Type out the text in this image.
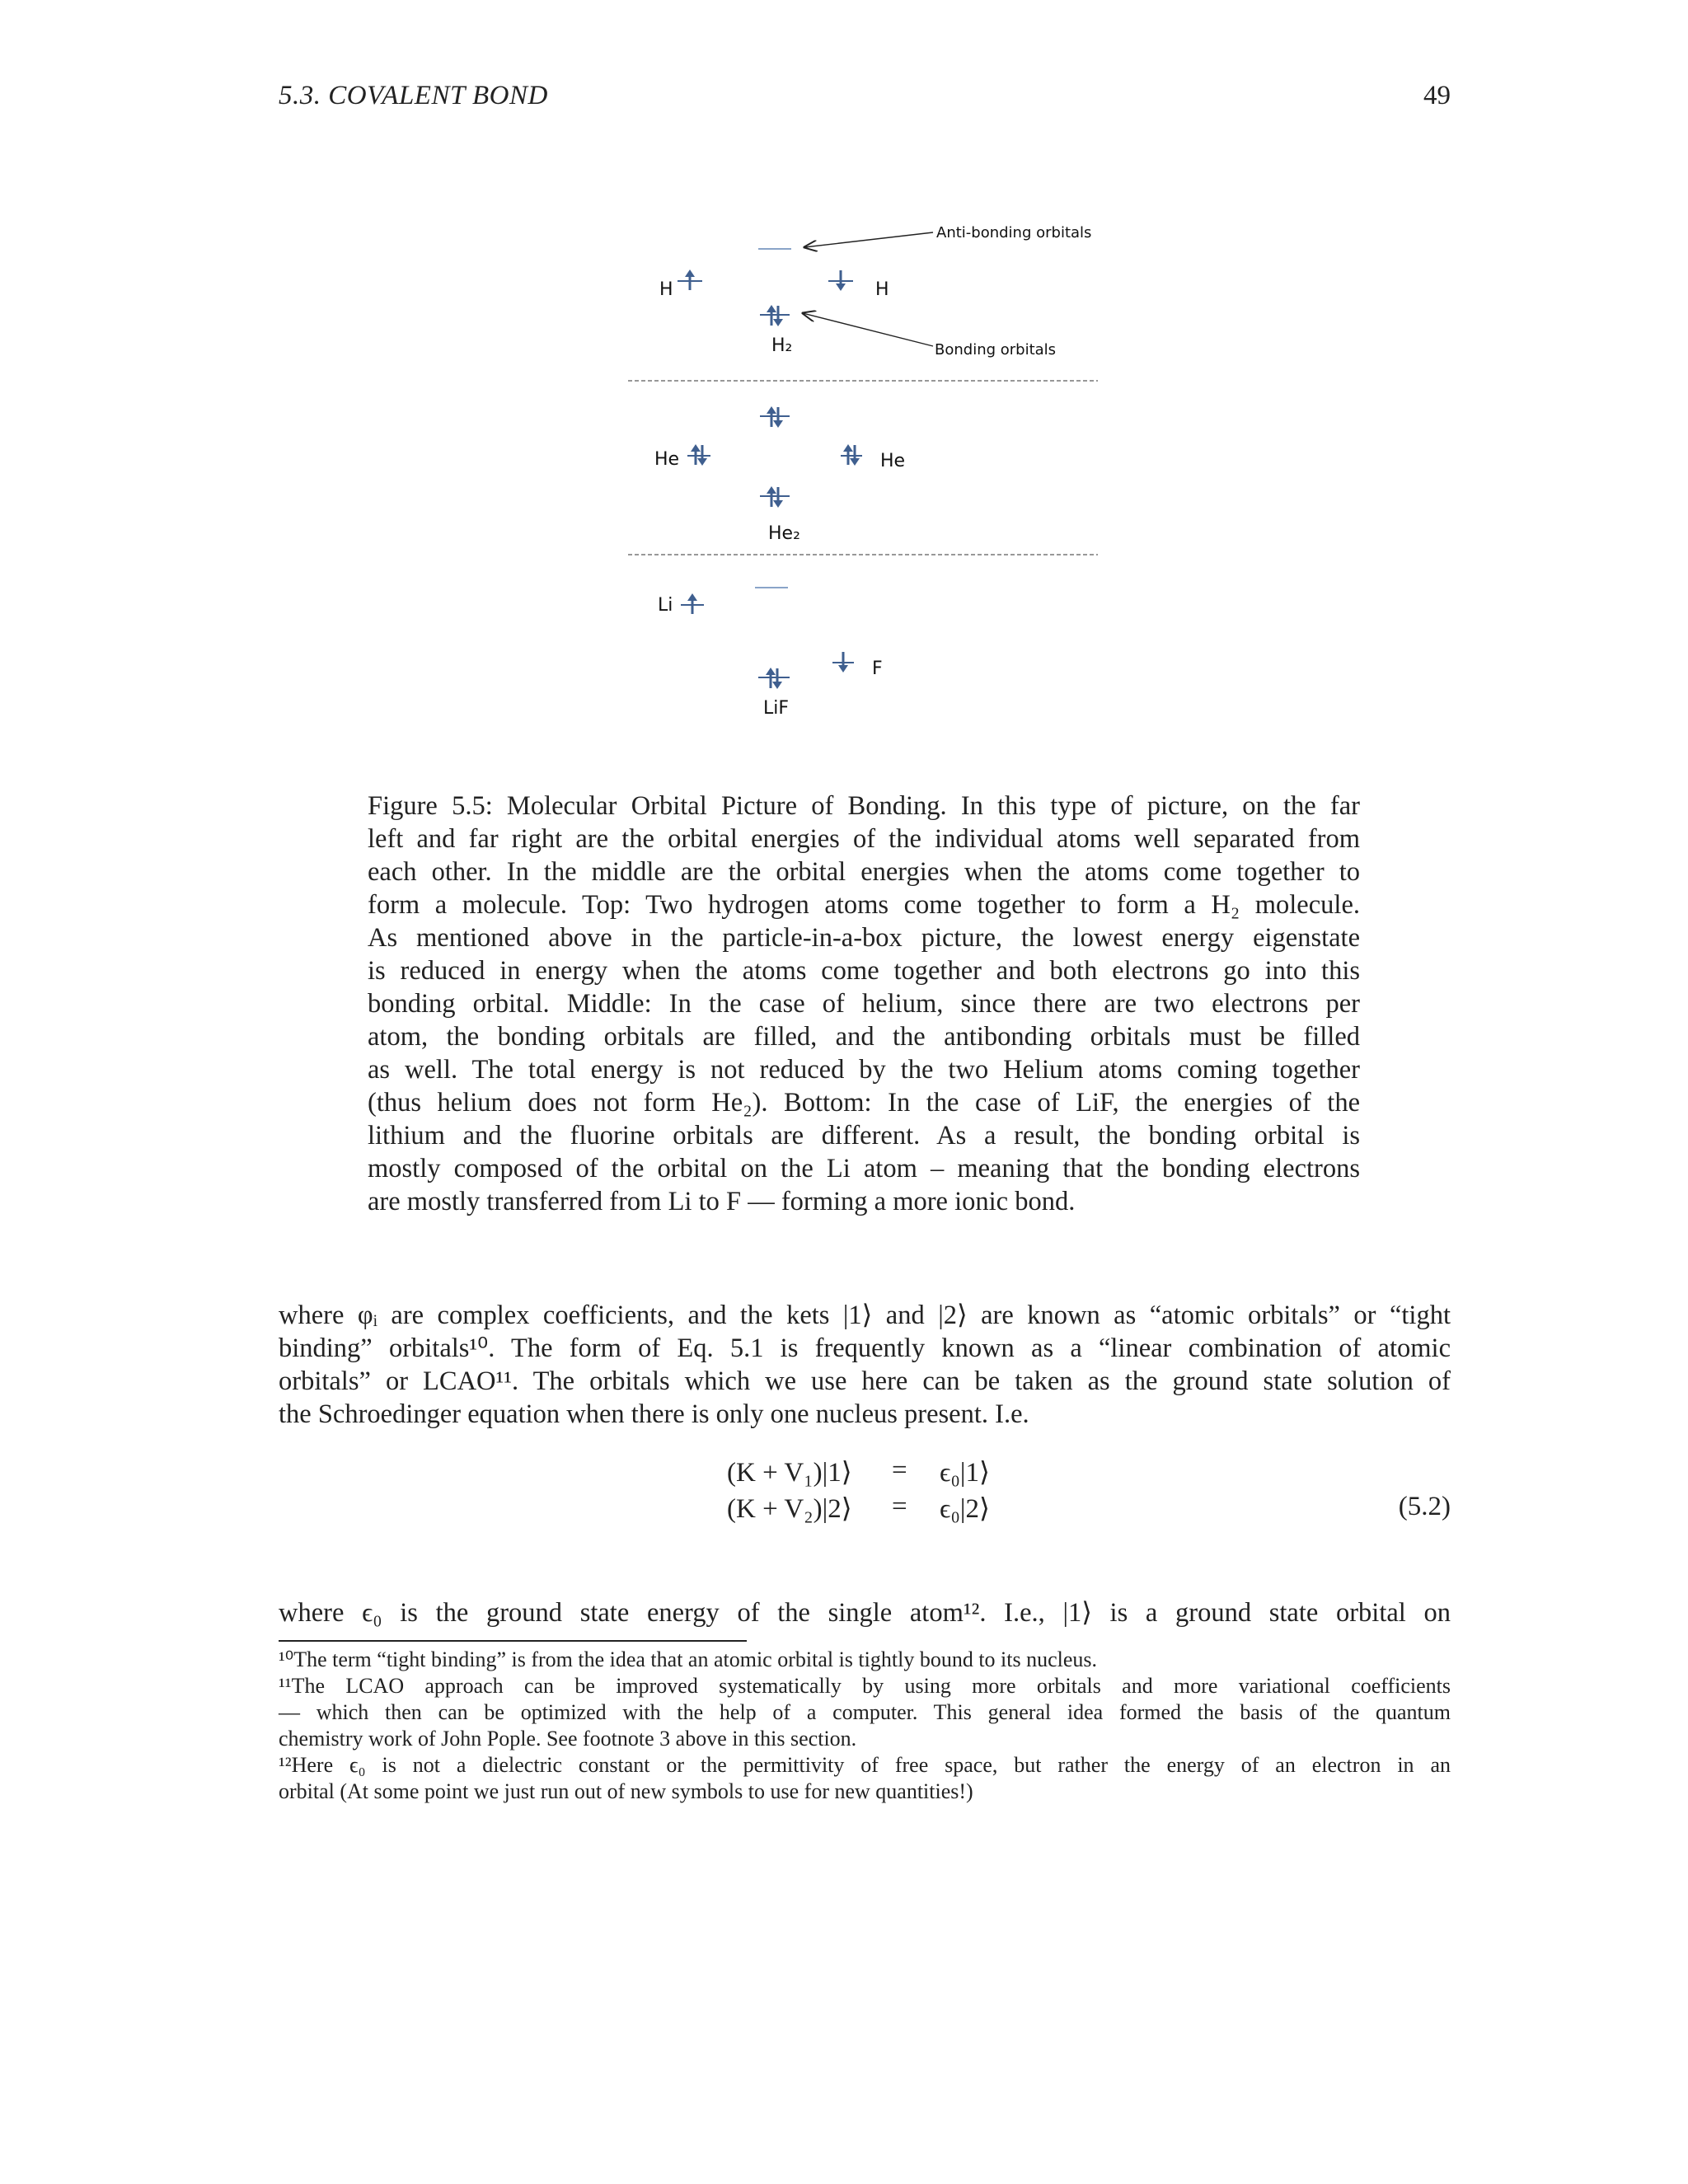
5.3. COVALENT BOND	49
Anti-bonding orbitals
H	H
Bonding orbitals
H₂
He	He
He₂
Li
F
LiF
Figure 5.5: Molecular Orbital Picture of Bonding. In this type of picture, on the far
left and far right are the orbital energies of the individual atoms well separated from
each other. In the middle are the orbital energies when the atoms come together to
form a molecule. Top: Two hydrogen atoms come together to form a H₂ molecule.
As mentioned above in the particle-in-a-box picture, the lowest energy eigenstate
is reduced in energy when the atoms come together and both electrons go into this
bonding orbital. Middle: In the case of helium, since there are two electrons per
atom, the bonding orbitals are filled, and the antibonding orbitals must be filled
as well. The total energy is not reduced by the two Helium atoms coming together
(thus helium does not form He₂). Bottom: In the case of LiF, the energies of the
lithium and the fluorine orbitals are different. As a result, the bonding orbital is
mostly composed of the orbital on the Li atom – meaning that the bonding electrons
are mostly transferred from Li to F — forming a more ionic bond.
where φᵢ are complex coefficients, and the kets |1⟩ and |2⟩ are known as “atomic orbitals” or “tight
binding” orbitals¹⁰. The form of Eq. 5.1 is frequently known as a “linear combination of atomic
orbitals” or LCAO¹¹. The orbitals which we use here can be taken as the ground state solution of
the Schroedinger equation when there is only one nucleus present. I.e.
(K + V₁)|1⟩ = ϵ₀|1⟩
(K + V₂)|2⟩ = ϵ₀|2⟩	(5.2)
where ϵ₀ is the ground state energy of the single atom¹². I.e., |1⟩ is a ground state orbital on
¹⁰The term “tight binding” is from the idea that an atomic orbital is tightly bound to its nucleus.
¹¹The LCAO approach can be improved systematically by using more orbitals and more variational coefficients
— which then can be optimized with the help of a computer. This general idea formed the basis of the quantum
chemistry work of John Pople. See footnote 3 above in this section.
¹²Here ϵ₀ is not a dielectric constant or the permittivity of free space, but rather the energy of an electron in an
orbital (At some point we just run out of new symbols to use for new quantities!)
